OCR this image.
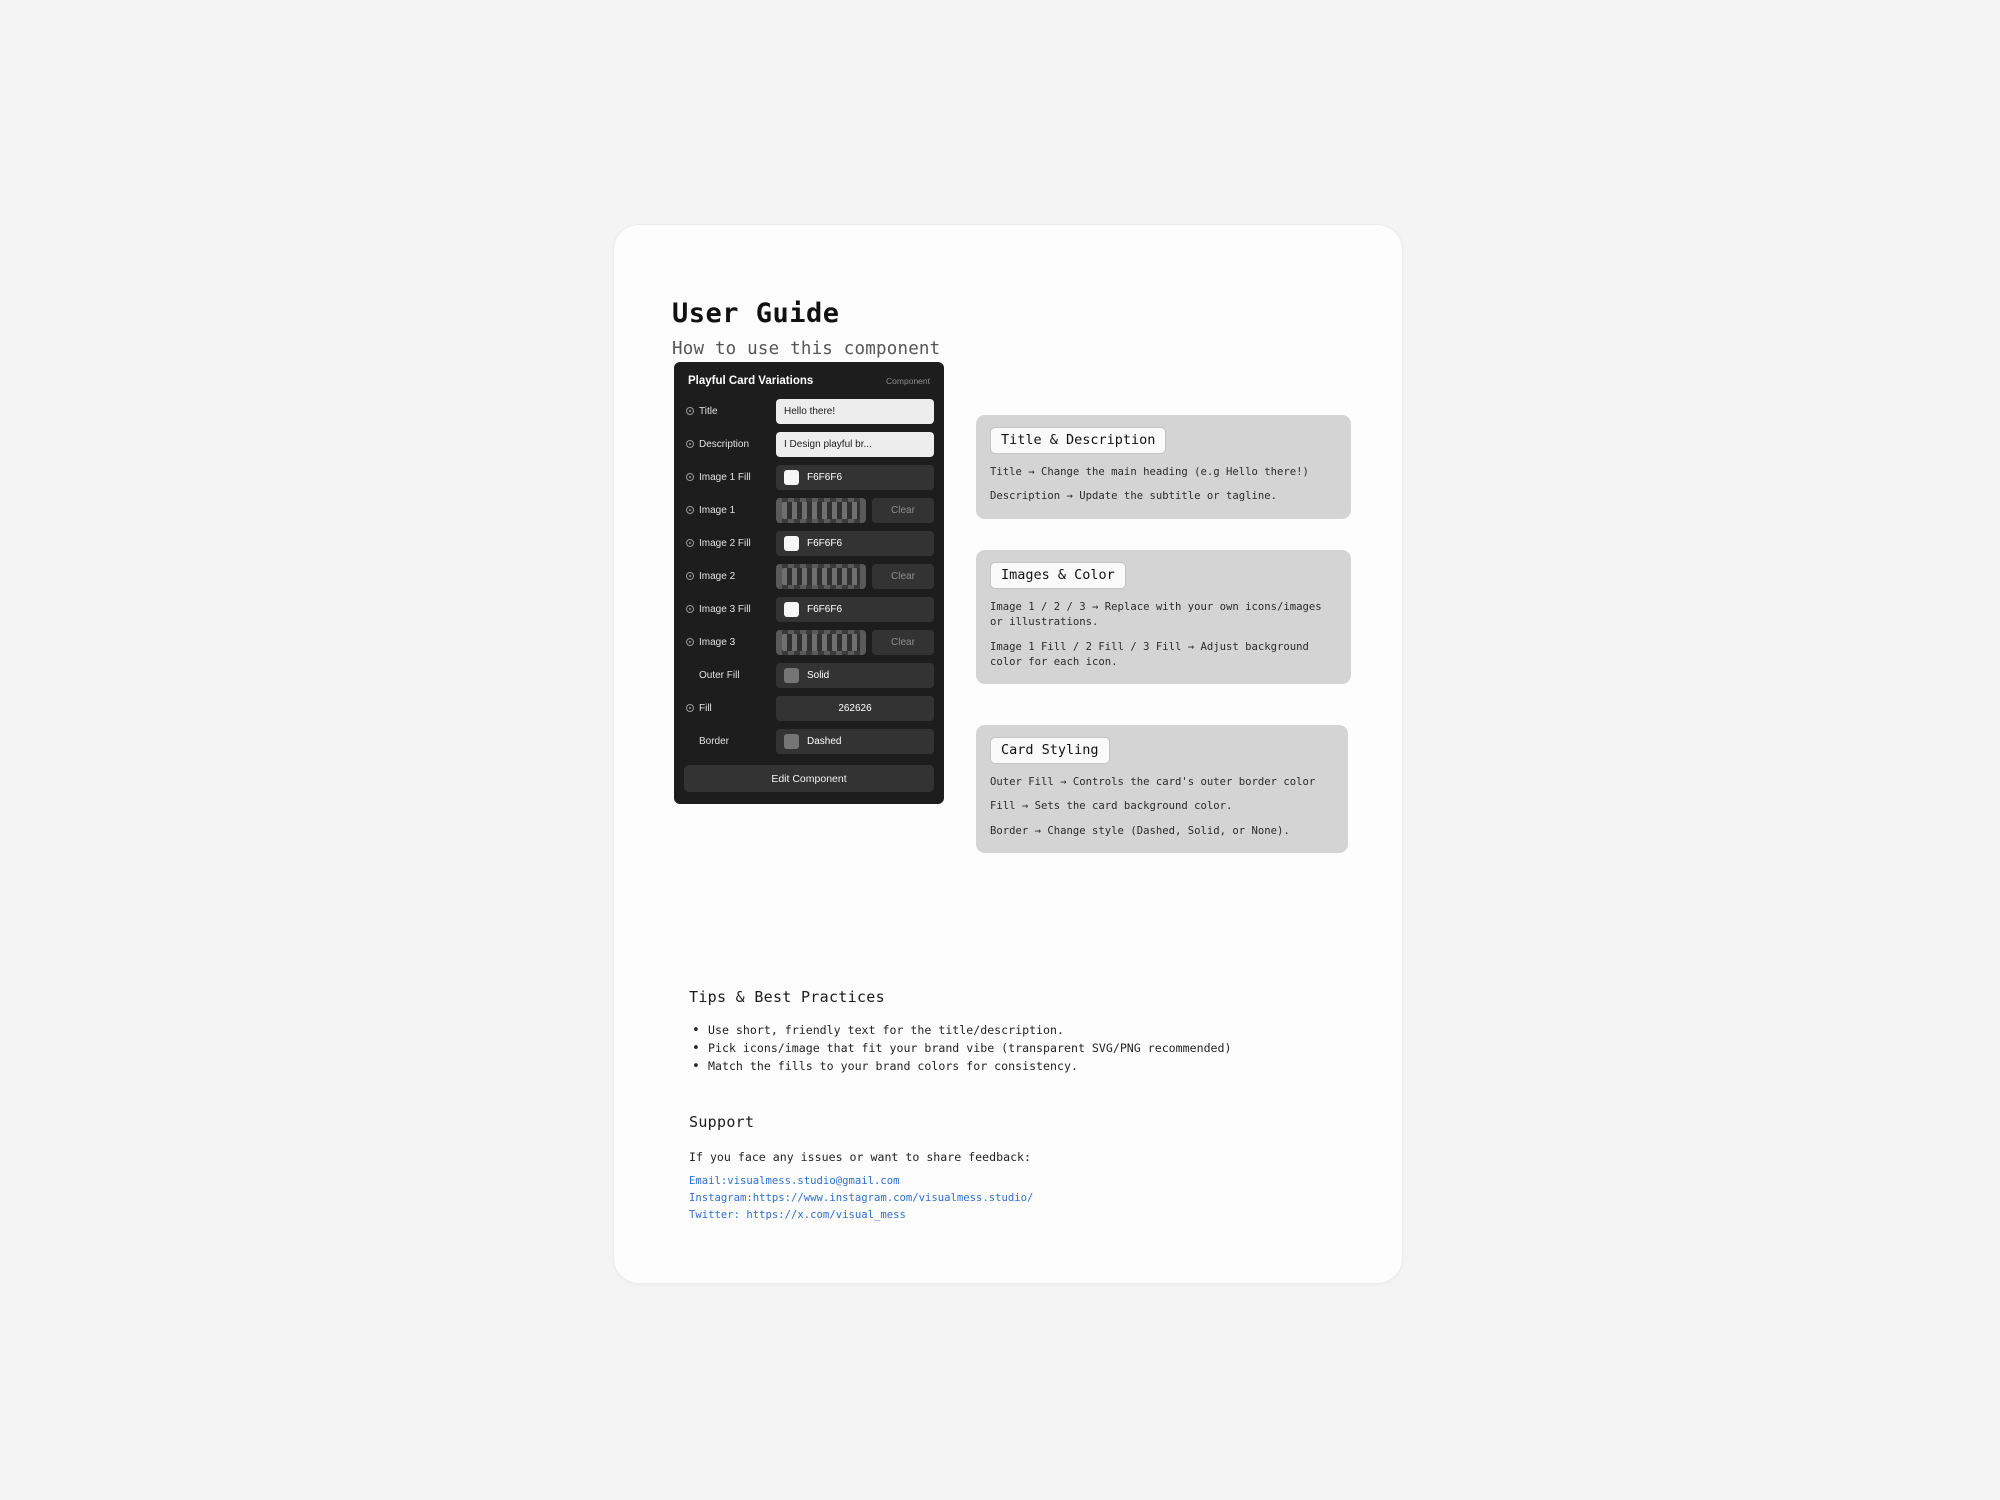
User Guide
How to use this component
Playful Card Variations	Component
Title	Hello there!
Description	I Design playful br...
Image 1 Fill	F6F6F6
Image 1	Clear
Image 2 Fill	F6F6F6
Image 2	Clear
Image 3 Fill	F6F6F6
Image 3	Clear
Outer Fill	Solid
Fill	262626
Border	Dashed
Edit Component
Title & Description

Title → Change the main heading (e.g Hello there!)

Description → Update the subtitle or tagline.

Images & Color

Image 1 / 2 / 3 → Replace with your own icons/images or illustrations.

Image 1 Fill / 2 Fill / 3 Fill → Adjust background color for each icon.

Card Styling

Outer Fill → Controls the card's outer border color

Fill → Sets the card background color.

Border → Change style (Dashed, Solid, or None).

Tips & Best Practices
• Use short, friendly text for the title/description.
• Pick icons/image that fit your brand vibe (transparent SVG/PNG recommended)
• Match the fills to your brand colors for consistency.
Support
If you face any issues or want to share feedback:
Email:visualmess.studio@gmail.com
Instagram:https://www.instagram.com/visualmess.studio/
Twitter: https://x.com/visual_mess
